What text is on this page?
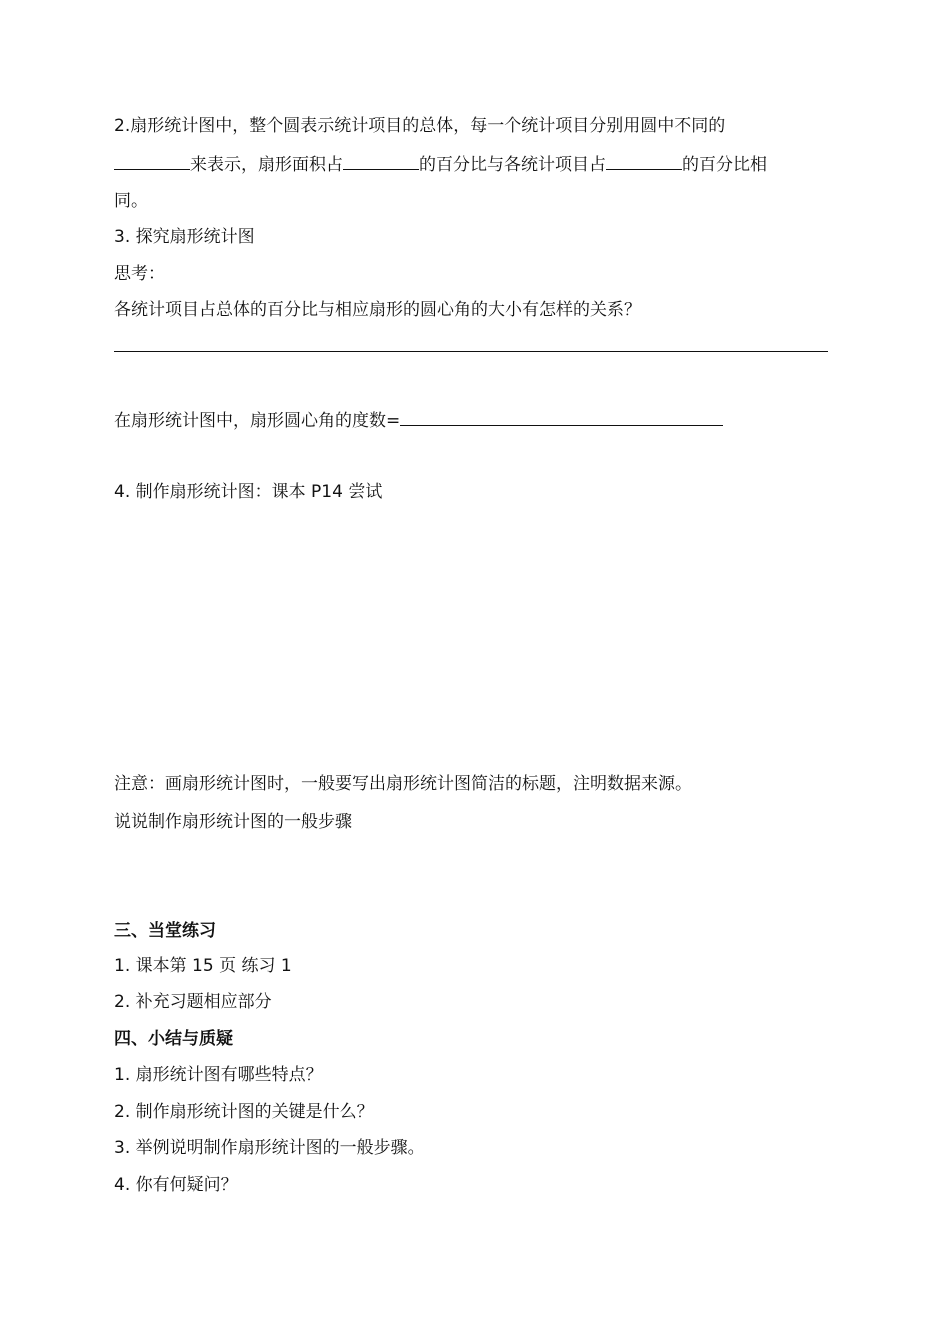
2.扇形统计图中，整个圆表示统计项目的总体，每一个统计项目分别用圆中不同的
来表示，扇形面积占	的百分比与各统计项目占	的百分比相
同。
3. 探究扇形统计图
思考：
各统计项目占总体的百分比与相应扇形的圆心角的大小有怎样的关系？
在扇形统计图中，扇形圆心角的度数=
4. 制作扇形统计图：课本 P14 尝试
注意：画扇形统计图时，一般要写出扇形统计图简洁的标题，注明数据来源。
说说制作扇形统计图的一般步骤
三、当堂练习
1. 课本第 15 页 练习 1
2. 补充习题相应部分
四、小结与质疑
1. 扇形统计图有哪些特点？
2. 制作扇形统计图的关键是什么？
3. 举例说明制作扇形统计图的一般步骤。
4. 你有何疑问？
